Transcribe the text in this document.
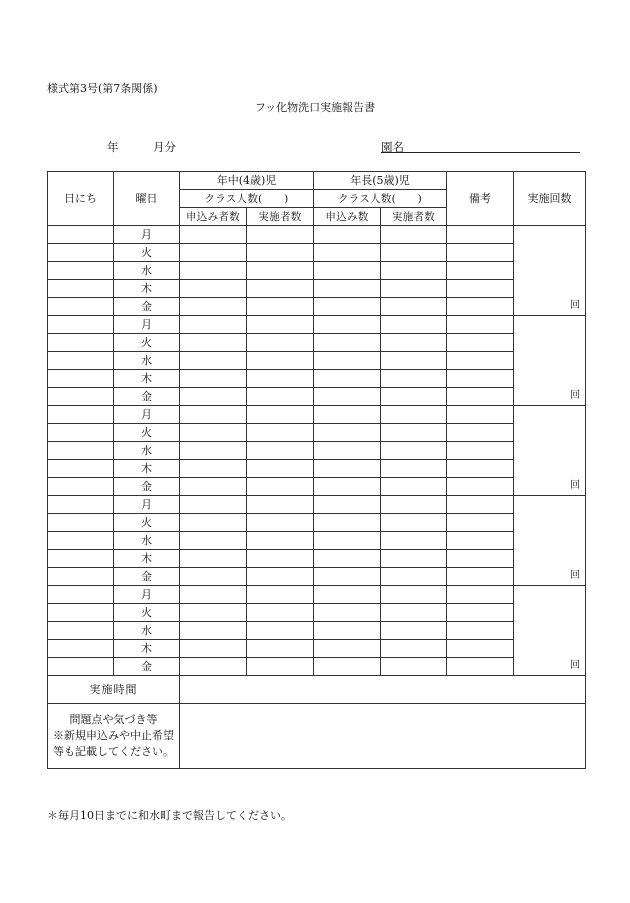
様式第3号(第7条関係)
フッ化物洗口実施報告書
年	月分	園名
日にち	曜日	年中(4歳)児		年長(5歳)児		備考	実施回数
		クラス人数(　　)		クラス人数(　　)			
		申込み者数	実施者数	申込み数	実施者数		
	月						回
	火						
	水						
	木						
	金						
	月						回
	火						
	水						
	木						
	金						
	月						回
	火						
	水						
	木						
	金						
	月						回
	火						
	水						
	木						
	金						
	月						回
	火						
	水						
	木						
	金						
実施時間							

問題点や気づき等
※新規申込みや中止希望
等も記載してください。							

＊毎月10日までに和水町まで報告してください。
